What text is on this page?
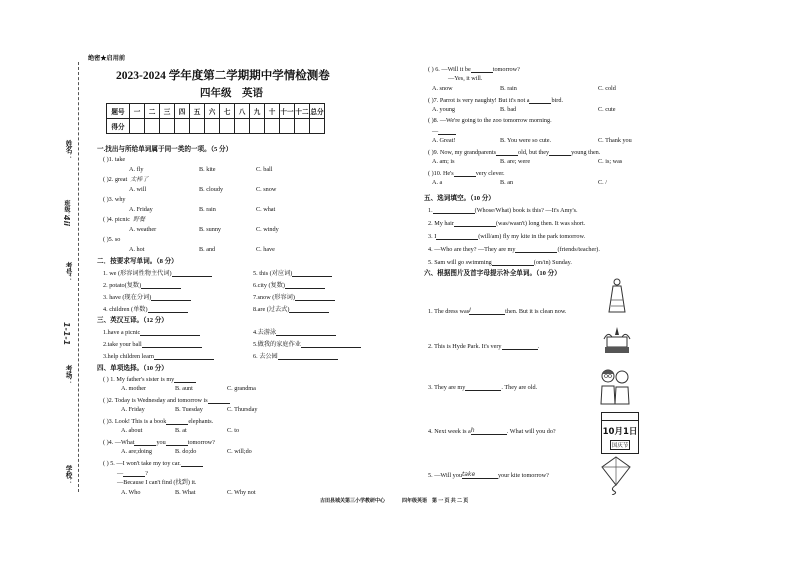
绝密★启用前
姓名：
4ii
考号：
1-1-1
考场：
学校：
班级：
2023-2024 学年度第二学期期中学情检测卷
四年级    英语
题号	一	二	三	四	五	六	七	八	九	十	十一	十二	总分
得分													
一.找出与所给单词属于同一类的一项。（5 分）
( )1. take
A. fly	B. kite	C. ball
( )2. great 太棒了
A. will	B. cloudy	C. snow
( )3. why
A. Friday	B. rain	C. what
( )4. picnic 野餐
A. weather	B. sunny	C. windy
( )5. so
A. hot	B. and	C. have
二．按要求写单词。（8 分）
1. we (形容词性物主代词)	5. this (对应词)
2. potato(复数)	6.city (复数)
3. have (现在分词)	7.snow (形容词)
4. children (单数)	8.are (过去式)
三、英汉互译。（12 分）
1.have a picnic	4.去游泳
2.take your ball	5.做我的家庭作业
3.help children learn	6. 去公园
四、单项选择。（10 分）
( ) 1. My father's sister is my
A. mother	B. aunt	C. grandma
( )2. Today is Wednesday and tomorrow is
A. Friday	B. Tuesday	C. Thursday
( )3. Look! This is a book	elephants.
A. about	B. at	C. to
( )4. —What	you	tomorrow?
A. are;doing	B. do;do	C. will;do
( ) 5. —I won't take my toy car.
—	?
—Because I can't find (找到) it.
A. Who	B. What	C. Why not
( ) 6. —Will it be	tomorrow?
—Yes, it will.
A. snow	B. rain	C. cold
( )7. Parrot is very naughty! But it's not a	bird.
A. young	B. bad	C. cute
( )8. —We're going to the zoo tomorrow morning.
—
A. Great!	B. You were so cute.	C. Thank you
( )9. Now, my grandparents	old, but they	young then.
A. am; is	B. are; were	C. is; was
( )10. He's	very clever.
A. a	B. an	C. /
五、选词填空。（10 分）
1.	(Whose/What) book is this? —It's Amy's.
2. My hair	(was/wasn't) long then. It was short.
3. I	(will/am) fly my kite in the park tomorrow.
4. —Who are they? —They are my	(friends/teacher).
5. Sam will go swimming	(on/in) Sunday.
六、根据图片及首字母提示补全单词。（10 分）
1. The dress wasI	then. But it is clean now.
2. This is Hyde Park. It's very	.
3. They are my	. They are old.
4. Next week is ah	. What will you do?
5. —Will youtake	your kite tomorrow?
10月1日
国庆节
古田县城关第三小学教研中心	四年级英语    第 一 页 共 二 页
